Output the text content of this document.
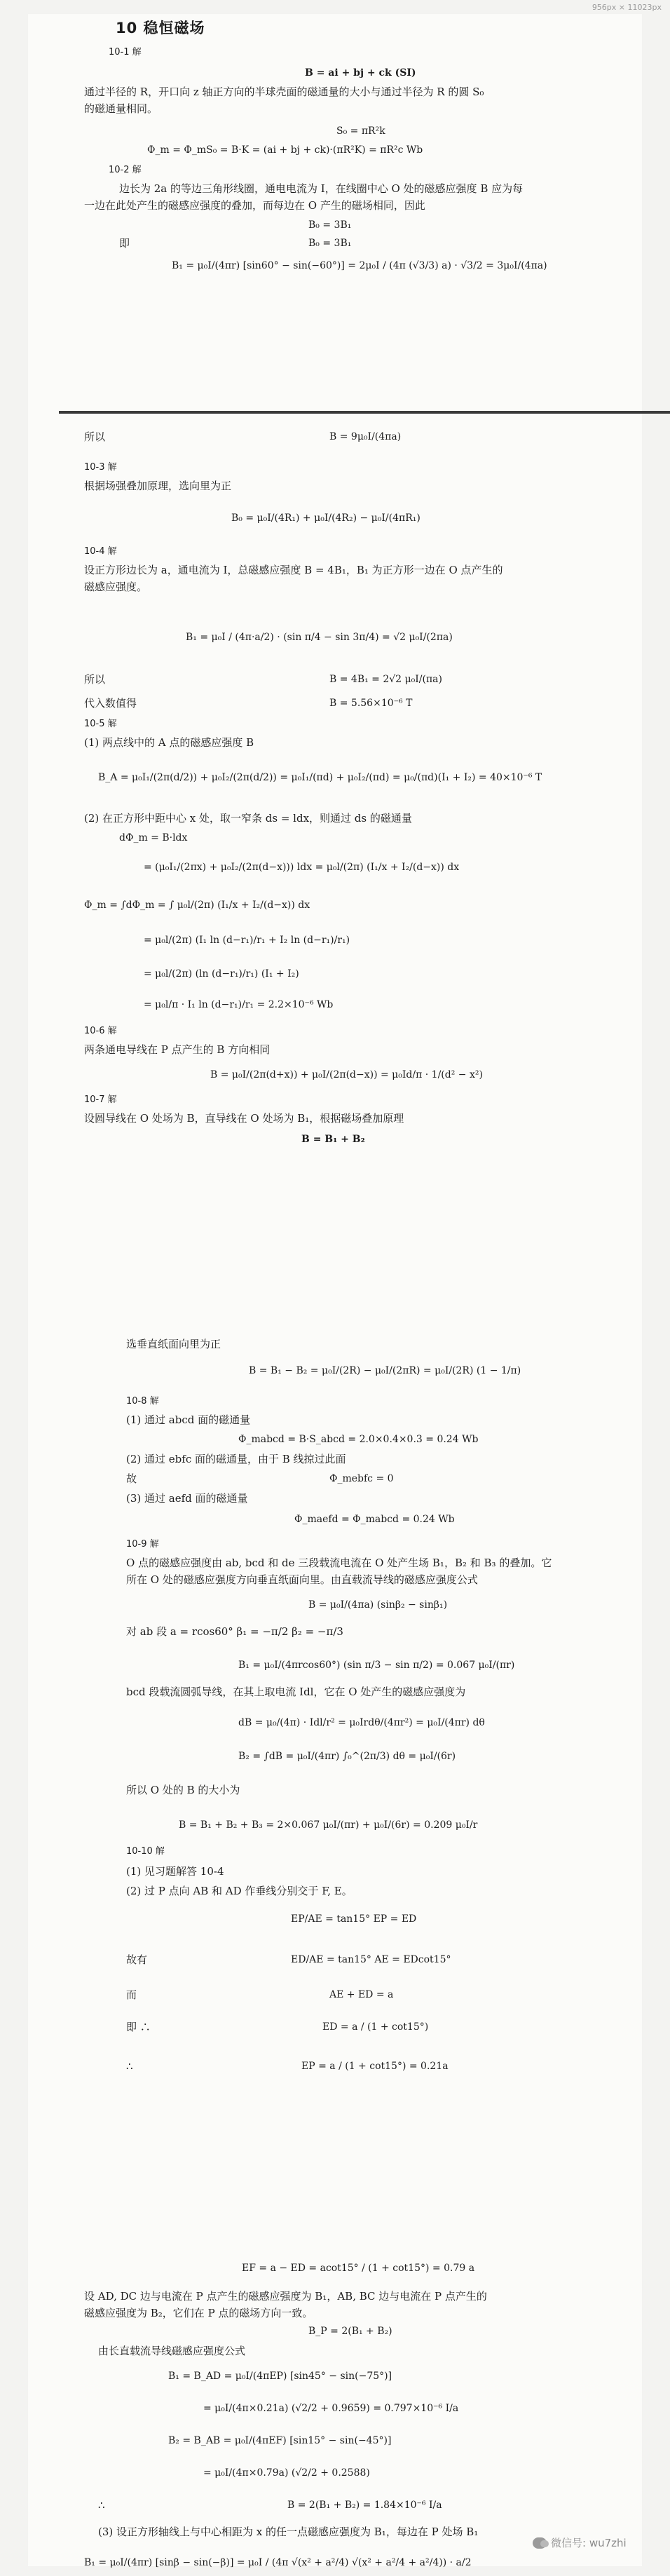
956px × 11023px
10 稳恒磁场
10-1 解
B = ai + bj + ck (SI)
通过半径的 R，开口向 z 轴正方向的半球壳面的磁通量的大小与通过半径为 R 的圆 S₀
的磁通量相同。
S₀ = πR²k
Φ_m = Φ_mS₀ = B·K = (ai + bj + ck)·(πR²K) = πR²c Wb
10-2 解
边长为 2a 的等边三角形线圈，通电电流为 I，在线圈中心 O 处的磁感应强度 B 应为每
一边在此处产生的磁感应强度的叠加，而每边在 O 产生的磁场相同，因此
B₀ = 3B₁
即	B₀ = 3B₁
B₁ = μ₀I/(4πr) [sin60° − sin(−60°)] = 2μ₀I / (4π (√3/3) a) · √3/2 = 3μ₀I/(4πa)
所以	B = 9μ₀I/(4πa)
10-3 解
根据场强叠加原理，选向里为正
B₀ = μ₀I/(4R₁) + μ₀I/(4R₂) − μ₀I/(4πR₁)
10-4 解
设正方形边长为 a，通电流为 I，总磁感应强度 B = 4B₁，B₁ 为正方形一边在 O 点产生的
磁感应强度。
B₁ = μ₀I / (4π·a/2) · (sin π/4 − sin 3π/4) = √2 μ₀I/(2πa)
所以	B = 4B₁ = 2√2 μ₀I/(πa)
代入数值得	B = 5.56×10⁻⁶ T
10-5 解
(1) 两点线中的 A 点的磁感应强度 B
B_A = μ₀I₁/(2π(d/2)) + μ₀I₂/(2π(d/2)) = μ₀I₁/(πd) + μ₀I₂/(πd) = μ₀/(πd)(I₁ + I₂) = 40×10⁻⁶ T
(2) 在正方形中距中心 x 处，取一窄条 ds = ldx，则通过 ds 的磁通量
dΦ_m = B·ldx
= (μ₀I₁/(2πx) + μ₀I₂/(2π(d−x))) ldx = μ₀l/(2π) (I₁/x + I₂/(d−x)) dx
Φ_m = ∫dΦ_m = ∫ μ₀l/(2π) (I₁/x + I₂/(d−x)) dx
= μ₀l/(2π) (I₁ ln (d−r₁)/r₁ + I₂ ln (d−r₁)/r₁)
= μ₀l/(2π) (ln (d−r₁)/r₁) (I₁ + I₂)
= μ₀l/π · I₁ ln (d−r₁)/r₁ = 2.2×10⁻⁶ Wb
10-6 解
两条通电导线在 P 点产生的 B 方向相同
B = μ₀I/(2π(d+x)) + μ₀I/(2π(d−x)) = μ₀Id/π · 1/(d² − x²)
10-7 解
设圆导线在 O 处场为 B，直导线在 O 处场为 B₁，根据磁场叠加原理
B = B₁ + B₂
选垂直纸面向里为正
B = B₁ − B₂ = μ₀I/(2R) − μ₀I/(2πR) = μ₀I/(2R) (1 − 1/π)
10-8 解
(1) 通过 abcd 面的磁通量
Φ_mabcd = B·S_abcd = 2.0×0.4×0.3 = 0.24 Wb
(2) 通过 ebfc 面的磁通量，由于 B 线掠过此面
故	Φ_mebfc = 0
(3) 通过 aefd 面的磁通量
Φ_maefd = Φ_mabcd = 0.24 Wb
10-9 解
O 点的磁感应强度由 ab, bcd 和 de 三段载流电流在 O 处产生场 B₁，B₂ 和 B₃ 的叠加。它
所在 O 处的磁感应强度方向垂直纸面向里。由直载流导线的磁感应强度公式
B = μ₀I/(4πa) (sinβ₂ − sinβ₁)
对 ab 段 a = rcos60° β₁ = −π/2 β₂ = −π/3
B₁ = μ₀I/(4πrcos60°) (sin π/3 − sin π/2) = 0.067 μ₀I/(πr)
bcd 段载流圆弧导线，在其上取电流 Idl，它在 O 处产生的磁感应强度为
dB = μ₀/(4π) · Idl/r² = μ₀Irdθ/(4πr²) = μ₀I/(4πr) dθ
B₂ = ∫dB = μ₀I/(4πr) ∫₀^(2π/3) dθ = μ₀I/(6r)
所以 O 处的 B 的大小为
B = B₁ + B₂ + B₃ = 2×0.067 μ₀I/(πr) + μ₀I/(6r) = 0.209 μ₀I/r
10-10 解
(1) 见习题解答 10-4
(2) 过 P 点向 AB 和 AD 作垂线分别交于 F, E。
EP/AE = tan15° EP = ED
故有	ED/AE = tan15° AE = EDcot15°
而	AE + ED = a
即 ∴	ED = a / (1 + cot15°)
∴	EP = a / (1 + cot15°) = 0.21a
EF = a − ED = acot15° / (1 + cot15°) = 0.79 a
设 AD, DC 边与电流在 P 点产生的磁感应强度为 B₁，AB, BC 边与电流在 P 点产生的
磁感应强度为 B₂，它们在 P 点的磁场方向一致。
B_P = 2(B₁ + B₂)
由长直载流导线磁感应强度公式
B₁ = B_AD = μ₀I/(4πEP) [sin45° − sin(−75°)]
= μ₀I/(4π×0.21a) (√2/2 + 0.9659) = 0.797×10⁻⁶ I/a
B₂ = B_AB = μ₀I/(4πEF) [sin15° − sin(−45°)]
= μ₀I/(4π×0.79a) (√2/2 + 0.2588)
∴	B = 2(B₁ + B₂) = 1.84×10⁻⁶ I/a
(3) 设正方形轴线上与中心相距为 x 的任一点磁感应强度为 B₁，每边在 P 处场 B₁
B₁ = μ₀I/(4πr) [sinβ − sin(−β)] = μ₀I / (4π √(x² + a²/4) √(x² + a²/4 + a²/4)) · a/2
微信号: wu7zhi
